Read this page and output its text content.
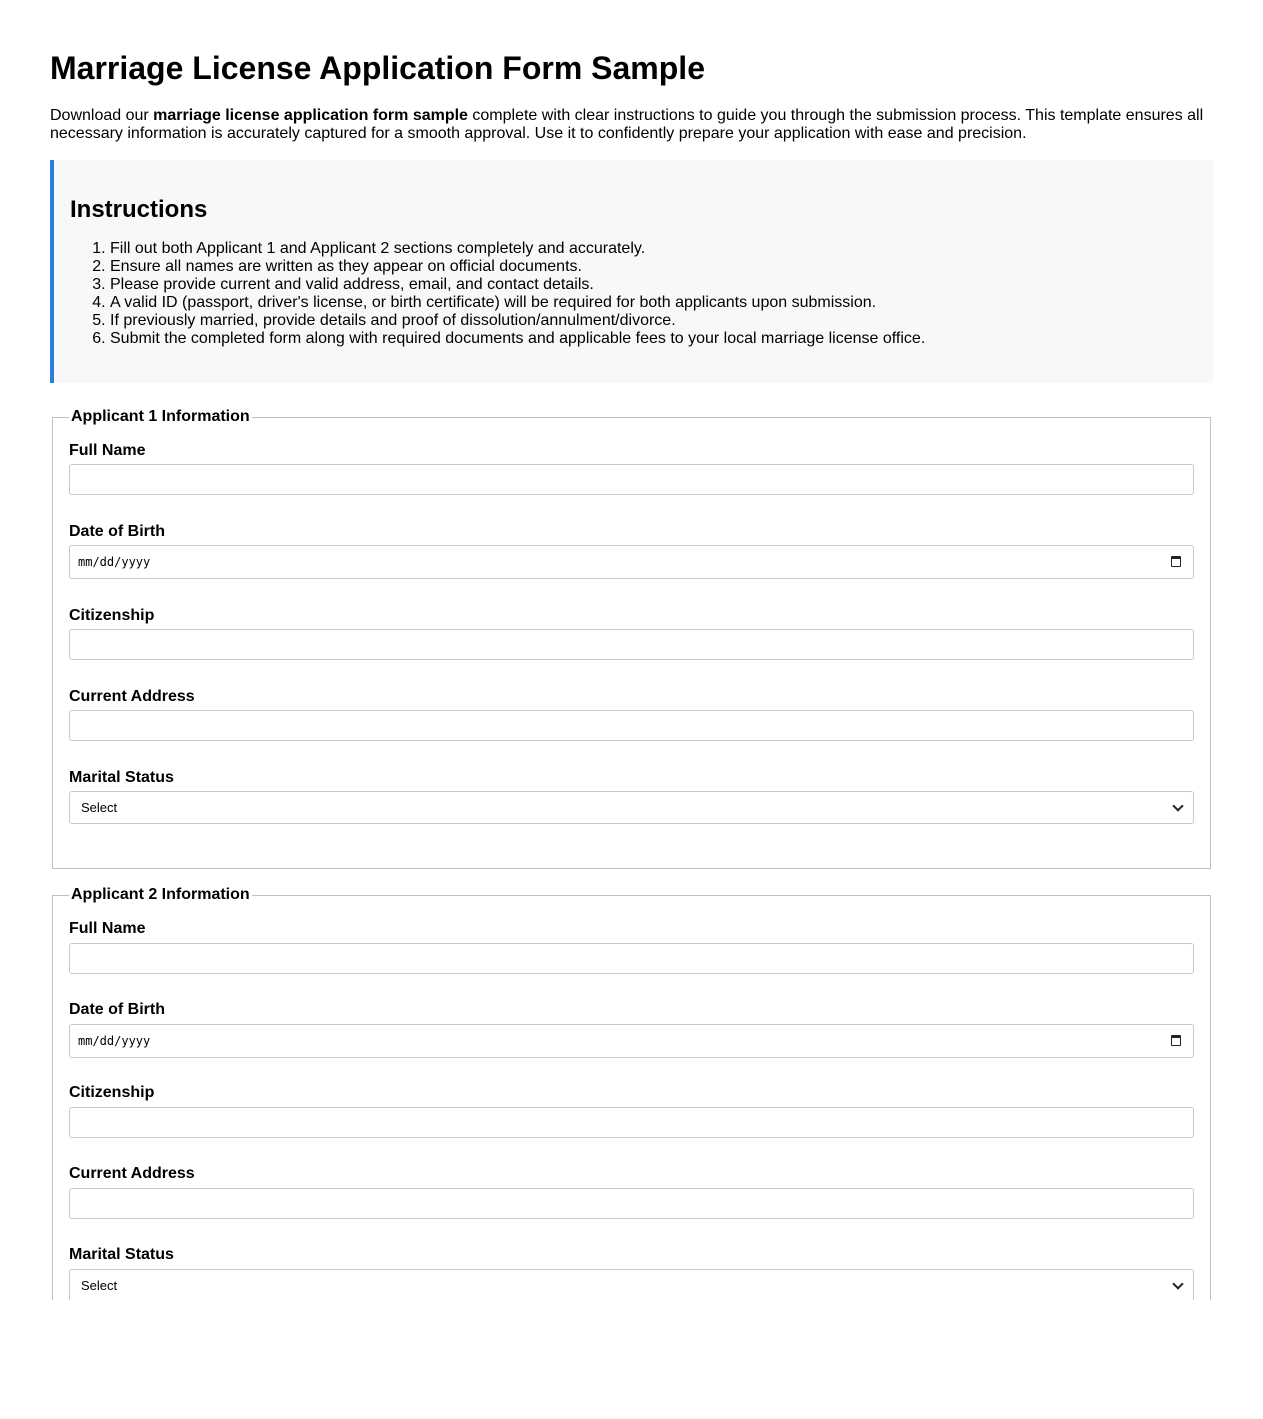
Marriage License Application Form Sample

Download our marriage license application form sample complete with clear instructions to guide you through the submission process. This template ensures all necessary information is accurately captured for a smooth approval. Use it to confidently prepare your application with ease and precision.

Instructions
1. Fill out both Applicant 1 and Applicant 2 sections completely and accurately.
2. Ensure all names are written as they appear on official documents.
3. Please provide current and valid address, email, and contact details.
4. A valid ID (passport, driver's license, or birth certificate) will be required for both applicants upon submission.
5. If previously married, provide details and proof of dissolution/annulment/divorce.
6. Submit the completed form along with required documents and applicable fees to your local marriage license office.
Applicant 1 Information
Full Name
Date of Birth
mm/dd/yyyy
Citizenship
Current Address
Marital Status
Select
Applicant 2 Information
Full Name
Date of Birth
mm/dd/yyyy
Citizenship
Current Address
Marital Status
Select
